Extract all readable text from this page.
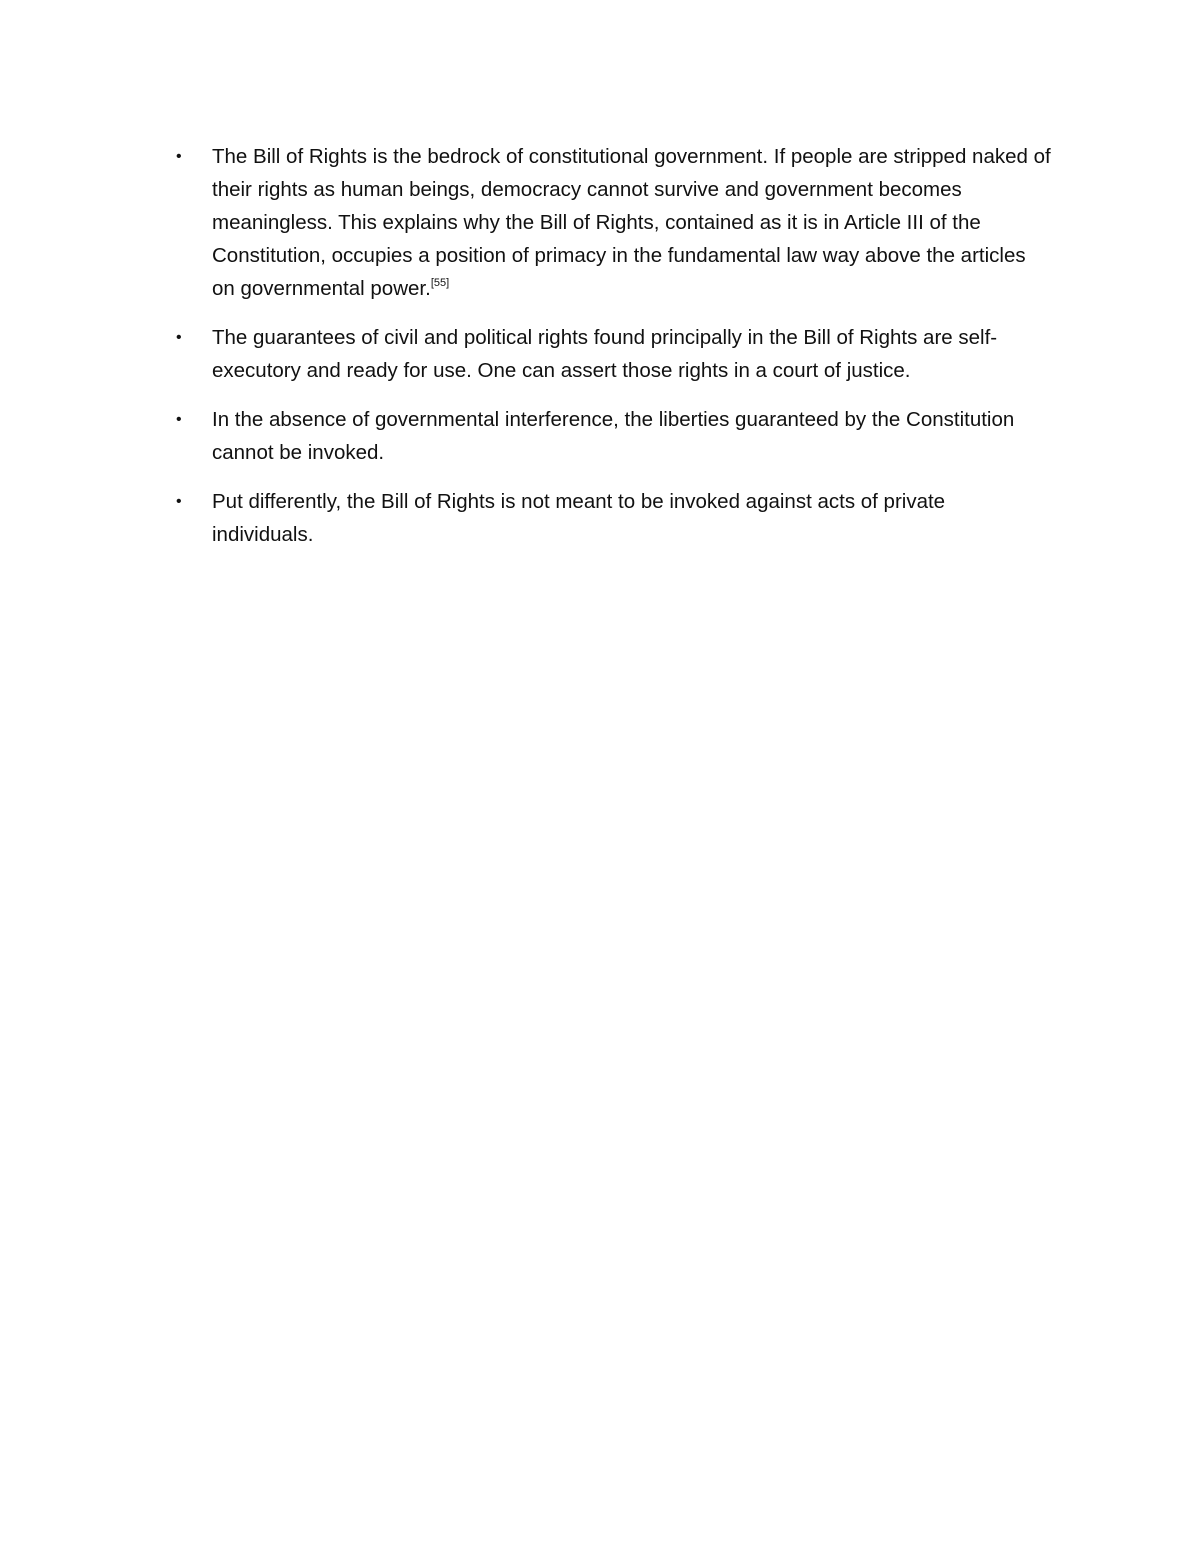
• The Bill of Rights is the bedrock of constitutional government. If people are stripped naked of their rights as human beings, democracy cannot survive and government becomes meaningless. This explains why the Bill of Rights, contained as it is in Article III of the Constitution, occupies a position of primacy in the fundamental law way above the articles on governmental power.[55]
• The guarantees of civil and political rights found principally in the Bill of Rights are self-executory and ready for use. One can assert those rights in a court of justice.
• In the absence of governmental interference, the liberties guaranteed by the Constitution cannot be invoked.
• Put differently, the Bill of Rights is not meant to be invoked against acts of private individuals.
